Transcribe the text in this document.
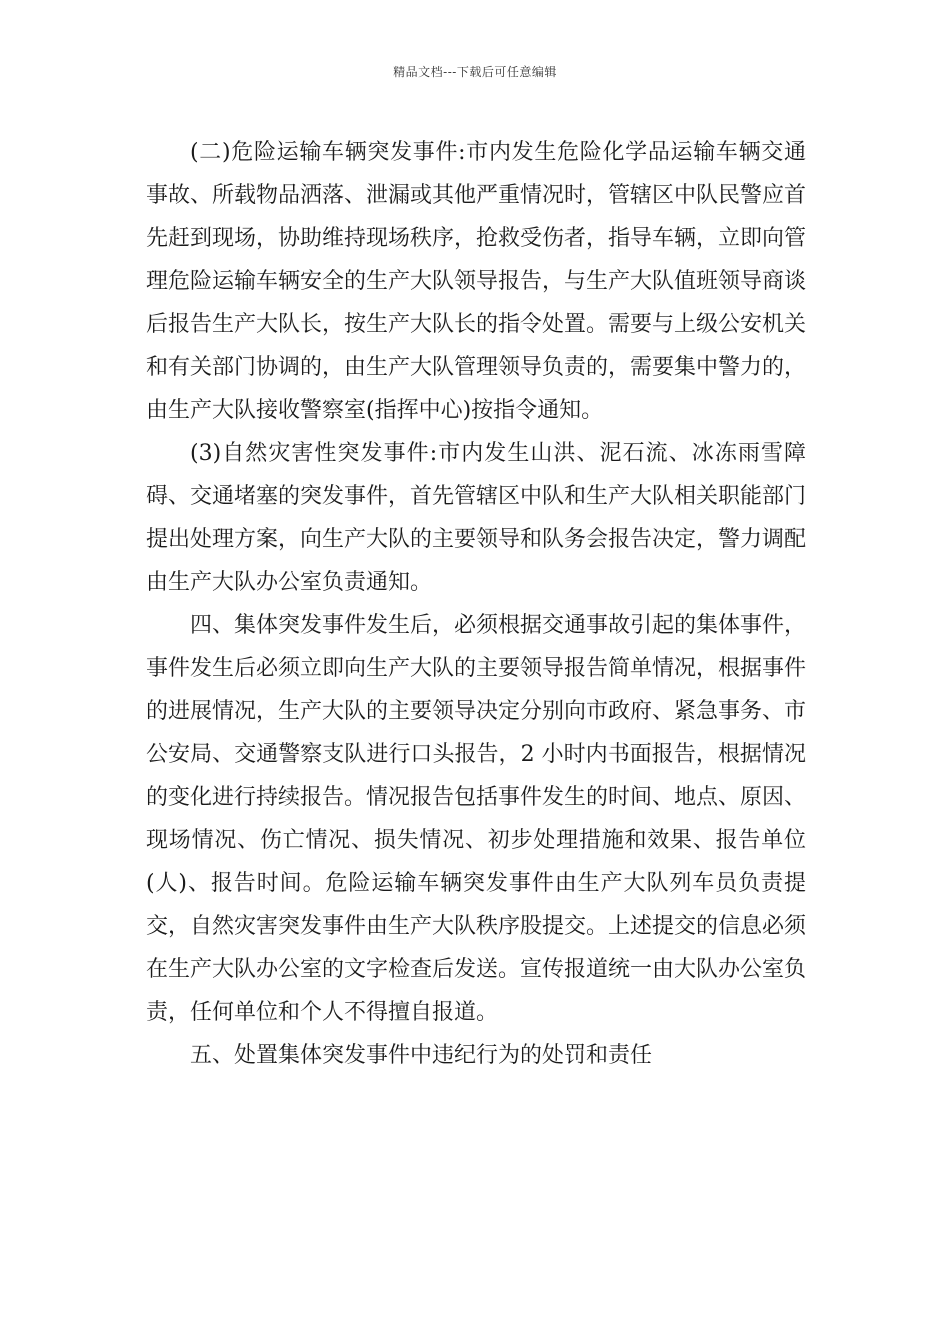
精品文档---下载后可任意编辑

(二)危险运输车辆突发事件:市内发生危险化学品运输车辆交通事故、所载物品洒落、泄漏或其他严重情况时，管辖区中队民警应首先赶到现场，协助维持现场秩序，抢救受伤者，指导车辆，立即向管理危险运输车辆安全的生产大队领导报告，与生产大队值班领导商谈后报告生产大队长，按生产大队长的指令处置。需要与上级公安机关和有关部门协调的，由生产大队管理领导负责的，需要集中警力的，由生产大队接收警察室(指挥中心)按指令通知。

(3)自然灾害性突发事件:市内发生山洪、泥石流、冰冻雨雪障碍、交通堵塞的突发事件，首先管辖区中队和生产大队相关职能部门提出处理方案，向生产大队的主要领导和队务会报告决定，警力调配由生产大队办公室负责通知。

四、集体突发事件发生后，必须根据交通事故引起的集体事件，事件发生后必须立即向生产大队的主要领导报告简单情况，根据事件的进展情况，生产大队的主要领导决定分别向市政府、紧急事务、市公安局、交通警察支队进行口头报告，2 小时内书面报告，根据情况的变化进行持续报告。情况报告包括事件发生的时间、地点、原因、现场情况、伤亡情况、损失情况、初步处理措施和效果、报告单位(人)、报告时间。危险运输车辆突发事件由生产大队列车员负责提交，自然灾害突发事件由生产大队秩序股提交。上述提交的信息必须在生产大队办公室的文字检查后发送。宣传报道统一由大队办公室负责，任何单位和个人不得擅自报道。

五、处置集体突发事件中违纪行为的处罚和责任
